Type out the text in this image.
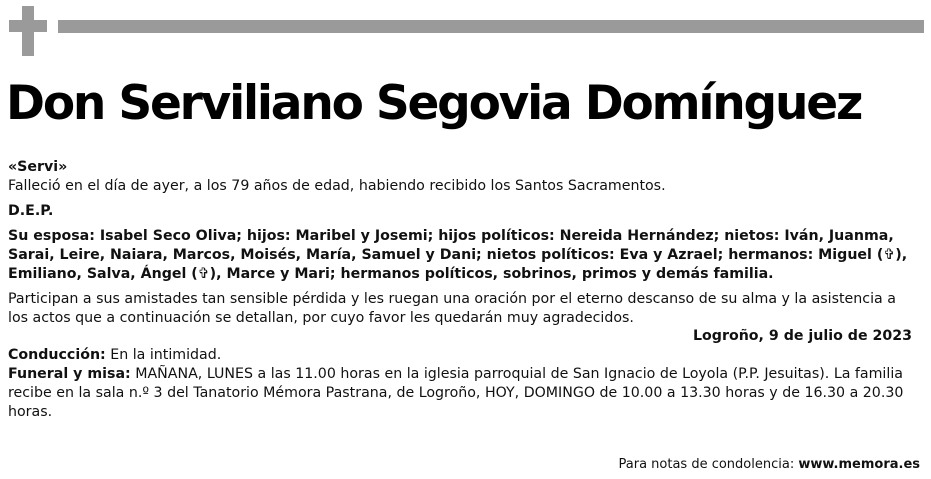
Don Serviliano Segovia Domínguez

«Servi»

Falleció en el día de ayer, a los 79 años de edad, habiendo recibido los Santos Sacramentos.

D.E.P.

Su esposa: Isabel Seco Oliva; hijos: Maribel y Josemi; hijos políticos: Nereida Hernández; nietos: Iván, Juanma, Sarai, Leire, Naiara, Marcos, Moisés, María, Samuel y Dani; nietos políticos: Eva y Azrael; hermanos: Miguel (✞), Emiliano, Salva, Ángel (✞), Marce y Mari; hermanos políticos, sobrinos, primos y demás familia.

Participan a sus amistades tan sensible pérdida y les ruegan una oración por el eterno descanso de su alma y la asistencia a los actos que a continuación se detallan, por cuyo favor les quedarán muy agradecidos.

Logroño, 9 de julio de 2023

Conducción: En la intimidad.

Funeral y misa: MAÑANA, LUNES a las 11.00 horas en la iglesia parroquial de San Ignacio de Loyola (P.P. Jesuitas). La familia recibe en la sala n.º 3 del Tanatorio Mémora Pastrana, de Logroño, HOY, DOMINGO de 10.00 a 13.30 horas y de 16.30 a 20.30 horas.

Para notas de condolencia: www.memora.es
